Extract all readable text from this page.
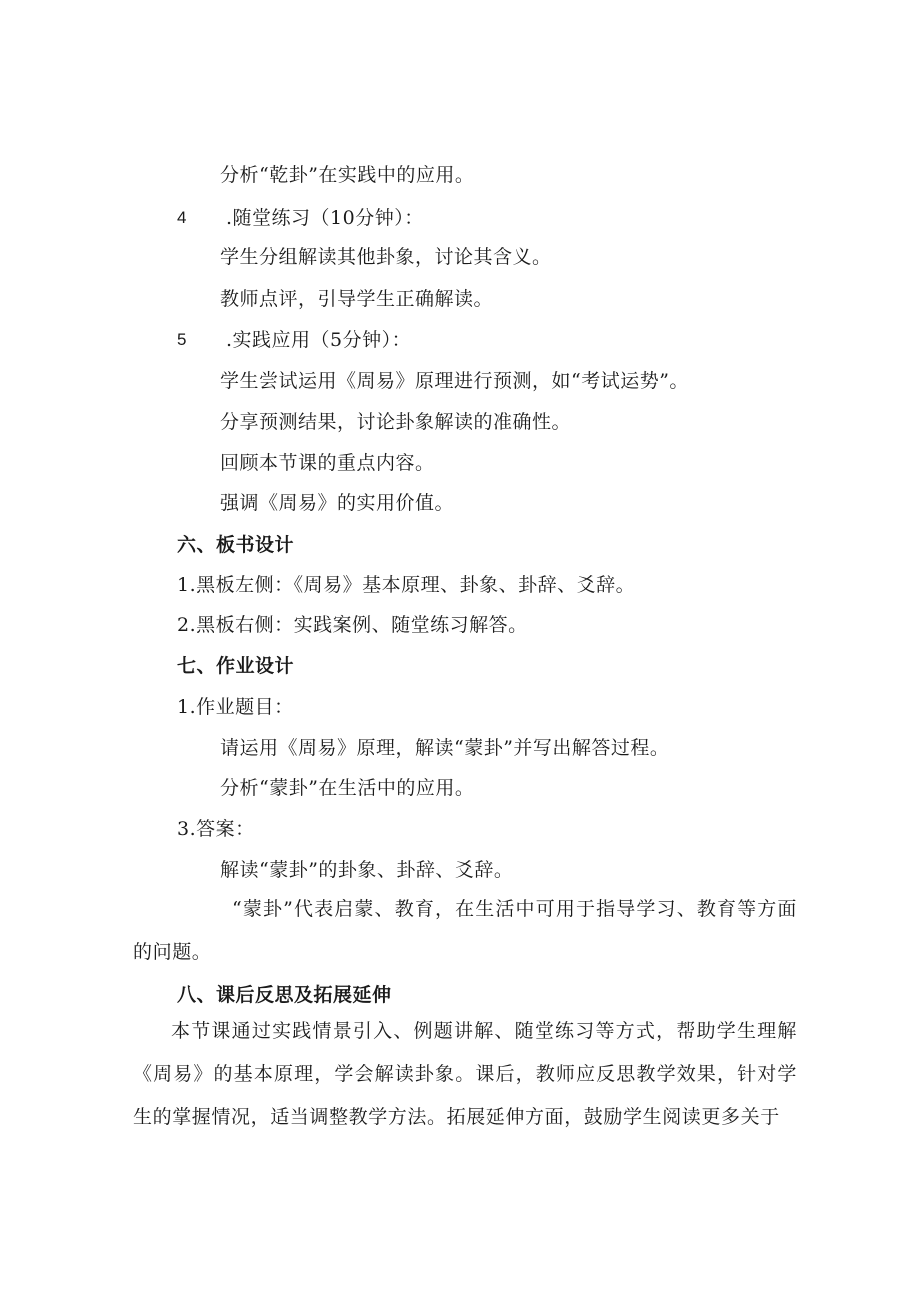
分析“乾卦”在实践中的应用。
4 .随堂练习（10分钟）：
学生分组解读其他卦象，讨论其含义。
教师点评，引导学生正确解读。
5 .实践应用（5分钟）：
学生尝试运用《周易》原理进行预测，如“考试运势”。
分享预测结果，讨论卦象解读的准确性。
回顾本节课的重点内容。
强调《周易》的实用价值。
六、板书设计
1.黑板左侧：《周易》基本原理、卦象、卦辞、爻辞。
2.黑板右侧：实践案例、随堂练习解答。
七、作业设计
1.作业题目：
请运用《周易》原理，解读“蒙卦”并写出解答过程。
分析“蒙卦”在生活中的应用。
3.答案：
解读“蒙卦”的卦象、卦辞、爻辞。
“蒙卦”代表启蒙、教育，在生活中可用于指导学习、教育等方面的问题。
八、课后反思及拓展延伸
本节课通过实践情景引入、例题讲解、随堂练习等方式，帮助学生理解《周易》的基本原理，学会解读卦象。课后，教师应反思教学效果，针对学生的掌握情况，适当调整教学方法。拓展延伸方面，鼓励学生阅读更多关于
